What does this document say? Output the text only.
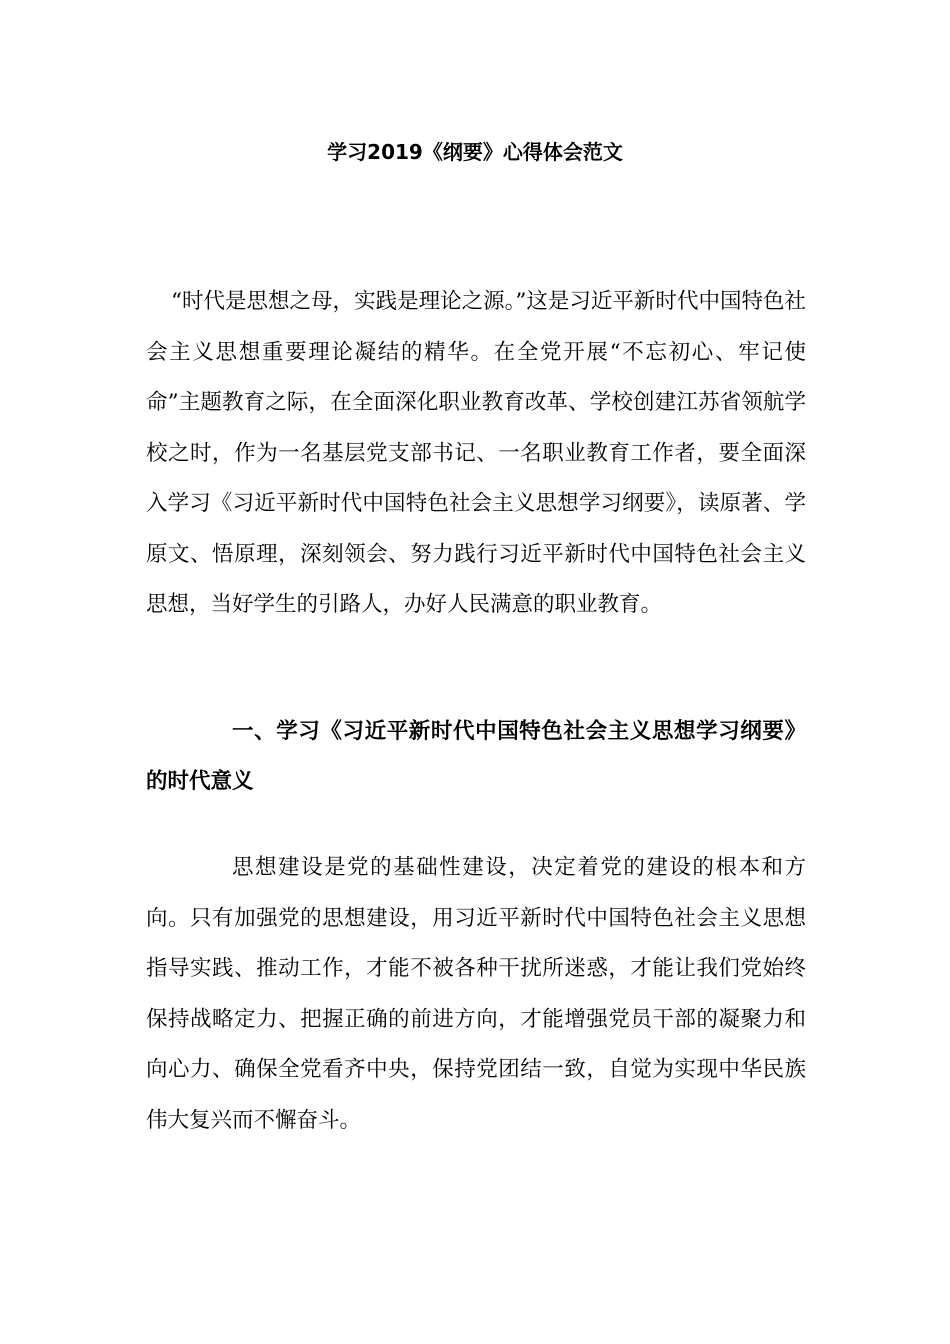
学习2019《纲要》心得体会范文

“时代是思想之母，实践是理论之源。”这是习近平新时代中国特色社会主义思想重要理论凝结的精华。在全党开展“不忘初心、牢记使命”主题教育之际，在全面深化职业教育改革、学校创建江苏省领航学校之时，作为一名基层党支部书记、一名职业教育工作者，要全面深入学习《习近平新时代中国特色社会主义思想学习纲要》，读原著、学原文、悟原理，深刻领会、努力践行习近平新时代中国特色社会主义思想，当好学生的引路人，办好人民满意的职业教育。

一、学习《习近平新时代中国特色社会主义思想学习纲要》的时代意义

思想建设是党的基础性建设，决定着党的建设的根本和方向。只有加强党的思想建设，用习近平新时代中国特色社会主义思想指导实践、推动工作，才能不被各种干扰所迷惑，才能让我们党始终保持战略定力、把握正确的前进方向，才能增强党员干部的凝聚力和向心力、确保全党看齐中央，保持党团结一致，自觉为实现中华民族伟大复兴而不懈奋斗。
